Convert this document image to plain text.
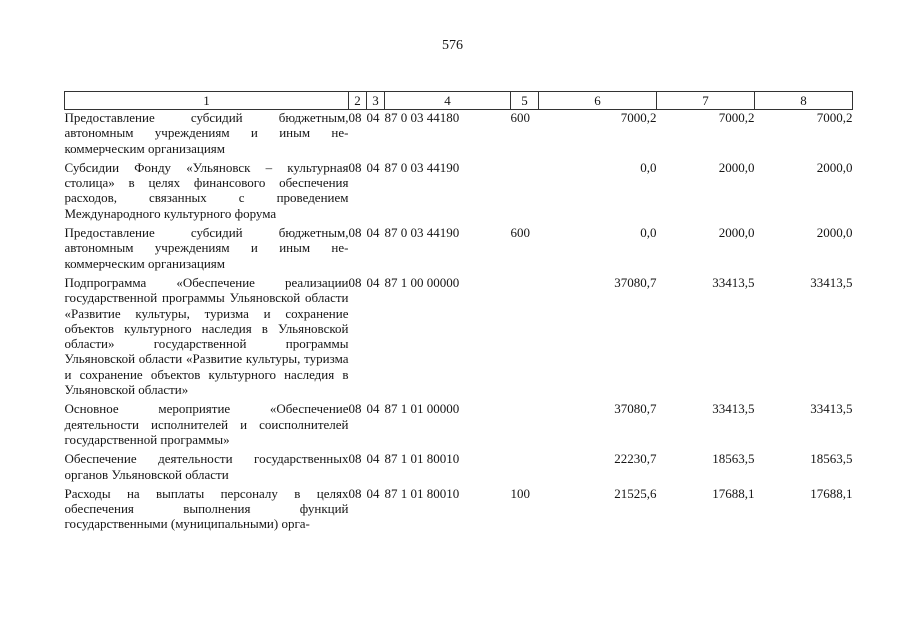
576
1	2	3	4	5	6	7	8
Предоставление субсидий бюджетным, автономным учреждениям и иным не-коммерческим организациям	08	04	87 0 03 44180	600	7000,2	7000,2	7000,2
Субсидии Фонду «Ульяновск – культурная столица» в целях финансового обеспечения расходов, связанных с проведением Международного культурного форума	08	04	87 0 03 44190		0,0	2000,0	2000,0
Предоставление субсидий бюджетным, автономным учреждениям и иным не-коммерческим организациям	08	04	87 0 03 44190	600	0,0	2000,0	2000,0
Подпрограмма «Обеспечение реализации государственной программы Ульяновской области «Развитие культуры, туризма и сохранение объектов культурного наследия в Ульяновской области» государственной программы Ульяновской области «Развитие культуры, туризма и сохранение объектов культурного наследия в Ульяновской области»	08	04	87 1 00 00000		37080,7	33413,5	33413,5
Основное мероприятие «Обеспечение деятельности исполнителей и соисполнителей государственной программы»	08	04	87 1 01 00000		37080,7	33413,5	33413,5
Обеспечение деятельности государственных органов Ульяновской области	08	04	87 1 01 80010		22230,7	18563,5	18563,5
Расходы на выплаты персоналу в целях обеспечения выполнения функций государственными (муниципальными) орга-	08	04	87 1 01 80010	100	21525,6	17688,1	17688,1
